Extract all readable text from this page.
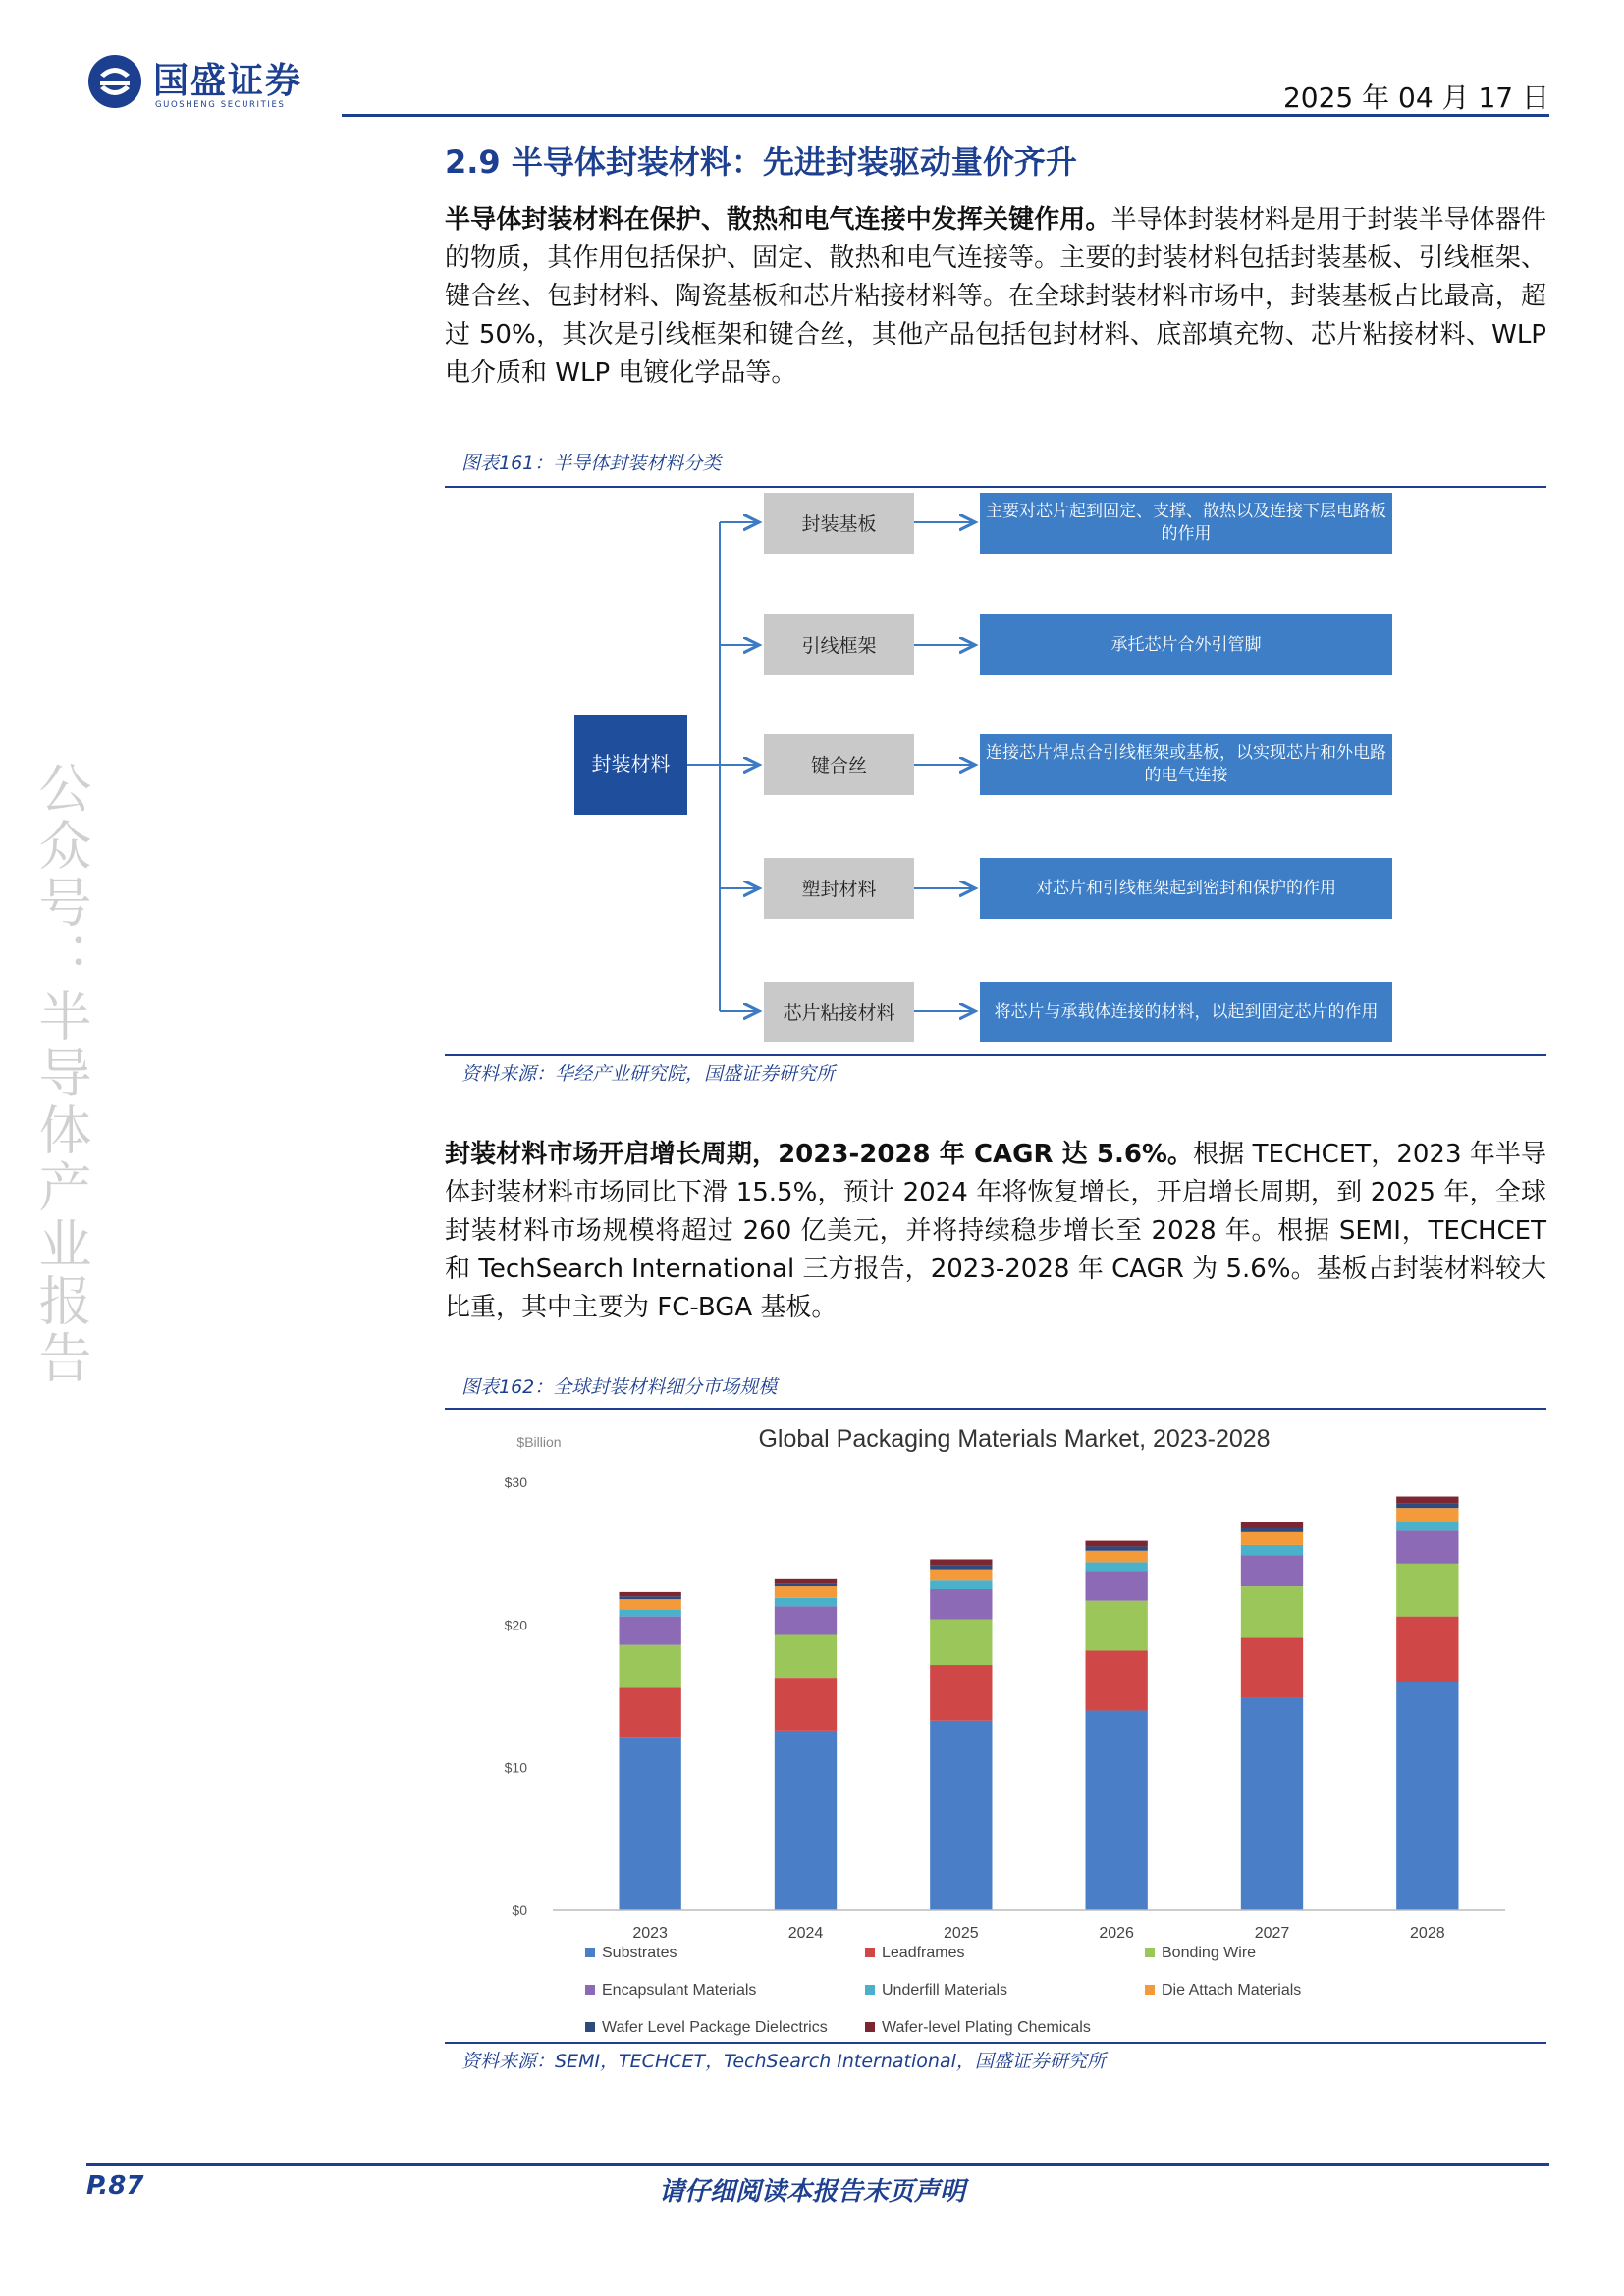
国盛证券
GUOSHENG SECURITIES	2025 年 04 月 17 日
公众号：半导体产业报告
2.9 半导体封装材料：先进封装驱动量价齐升
半导体封装材料在保护、散热和电气连接中发挥关键作用。半导体封装材料是用于封装半导体器件的物质，其作用包括保护、固定、散热和电气连接等。主要的封装材料包括封装基板、引线框架、键合丝、包封材料、陶瓷基板和芯片粘接材料等。在全球封装材料市场中，封装基板占比最高，超过 50%，其次是引线框架和键合丝，其他产品包括包封材料、底部填充物、芯片粘接材料、WLP 电介质和 WLP 电镀化学品等。
图表161：半导体封装材料分类
封装材料
封装基板
主要对芯片起到固定、支撑、散热以及连接下层电路板的作用
引线框架	承托芯片合外引管脚
键合丝
连接芯片焊点合引线框架或基板，以实现芯片和外电路的电气连接
塑封材料	对芯片和引线框架起到密封和保护的作用
芯片粘接材料	将芯片与承载体连接的材料，以起到固定芯片的作用
资料来源：华经产业研究院，国盛证券研究所
封装材料市场开启增长周期，2023-2028 年 CAGR 达 5.6%。根据 TECHCET，2023 年半导体封装材料市场同比下滑 15.5%，预计 2024 年将恢复增长，开启增长周期，到 2025 年，全球封装材料市场规模将超过 260 亿美元，并将持续稳步增长至 2028 年。根据 SEMI，TECHCET 和 TechSearch International 三方报告，2023-2028 年 CAGR 为 5.6%。基板占封装材料较大比重，其中主要为 FC-BGA 基板。
图表162：全球封装材料细分市场规模
Global Packaging Materials Market, 2023-2028
$Billion
$0
$10
$20
$30
2023	2024	2025	2026	2027	2028
Substrates	Leadframes	Bonding Wire
Encapsulant Materials	Underfill Materials	Die Attach Materials
Wafer Level Package Dielectrics	Wafer-level Plating Chemicals
资料来源：SEMI，TECHCET，TechSearch International，国盛证券研究所
P.87	请仔细阅读本报告末页声明
